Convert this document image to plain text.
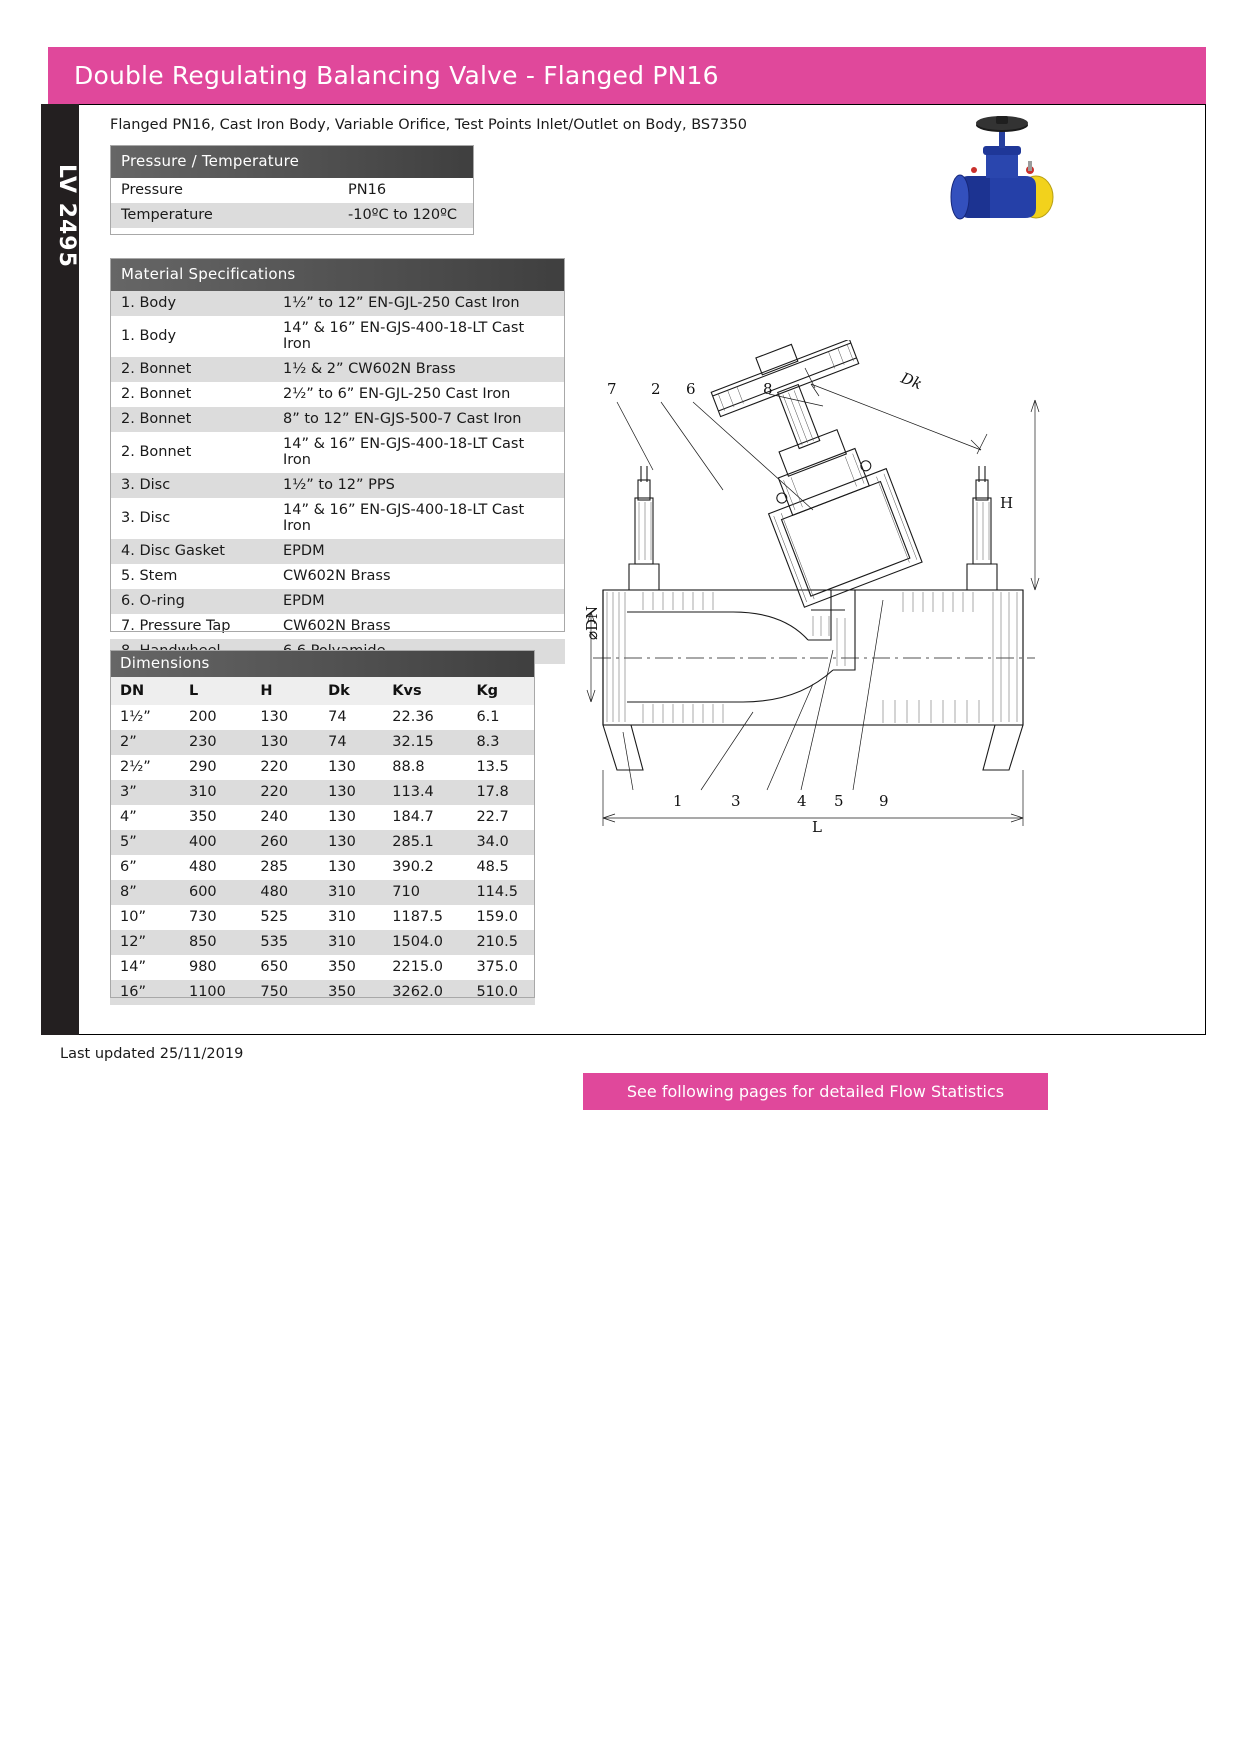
Double Regulating Balancing Valve - Flanged PN16
LV 2495
Flanged PN16, Cast Iron Body, Variable Orifice, Test Points Inlet/Outlet on Body, BS7350
Pressure / Temperature	
Pressure	PN16
Temperature	-10ºC to 120ºC
Material Specifications	
1. Body	1½” to 12” EN-GJL-250 Cast Iron
1. Body	14” & 16” EN-GJS-400-18-LT Cast Iron
2. Bonnet	1½ & 2” CW602N Brass
2. Bonnet	2½” to 6” EN-GJL-250 Cast Iron
2. Bonnet	8” to 12” EN-GJS-500-7 Cast Iron
2. Bonnet	14” & 16” EN-GJS-400-18-LT Cast Iron
3. Disc	1½” to 12” PPS
3. Disc	14” & 16” EN-GJS-400-18-LT Cast Iron
4. Disc Gasket	EPDM
5. Stem	CW602N Brass
6. O-ring	EPDM
7. Pressure Tap	CW602N Brass

Dimensions					
DN	L	H	Dk	Kvs	Kg
1½”	200	130	74	22.36	6.1
2”	230	130	74	32.15	8.3
2½”	290	220	130	88.8	13.5
3”	310	220	130	113.4	17.8
4”	350	240	130	184.7	22.7
5”	400	260	130	285.1	34.0
6”	480	285	130	390.2	48.5
8”	600	480	310	710	114.5
10”	730	525	310	1187.5	159.0
12”	850	535	310	1504.0	210.5
14”	980	650	350	2215.0	375.0
16”	1100	750	350	3262.0	510.0
7 2 6	8
1	3	4 5 9
Dk
H
⌀DN
L
See following pages for detailed Flow Statistics
Last updated 25/11/2019
